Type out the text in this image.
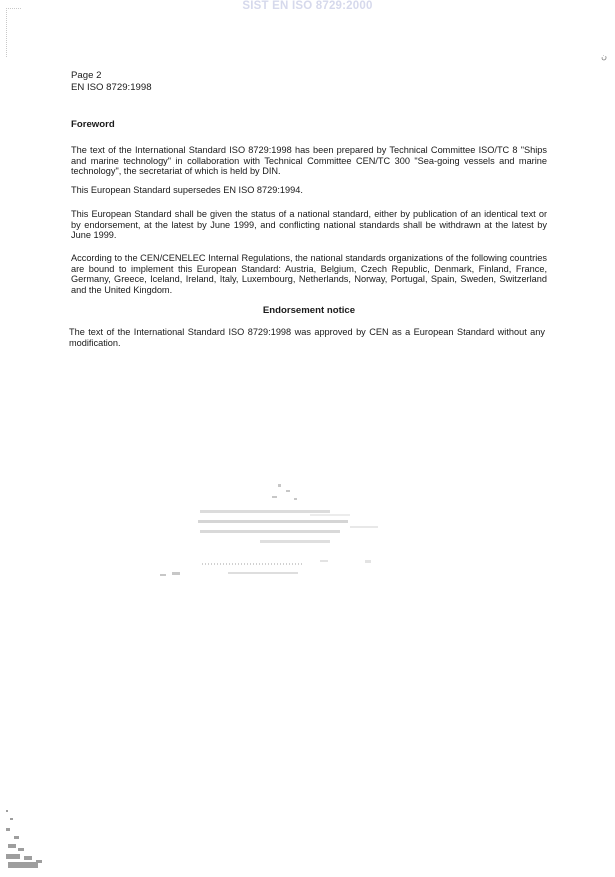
SIST EN ISO 8729:2000
ن
Page 2
EN ISO 8729:1998
Foreword

The text of the International Standard ISO 8729:1998 has been prepared by Technical Committee ISO/TC 8 "Ships and marine technology" in collaboration with Technical Committee CEN/TC 300 "Sea-going vessels and marine technology", the secretariat of which is held by DIN.

This European Standard supersedes EN ISO 8729:1994.

This European Standard shall be given the status of a national standard, either by publication of an identical text or by endorsement, at the latest by June 1999, and conflicting national standards shall be withdrawn at the latest by June 1999.

According to the CEN/CENELEC Internal Regulations, the national standards organizations of the following countries are bound to implement this European Standard: Austria, Belgium, Czech Republic, Denmark, Finland, France, Germany, Greece, Iceland, Ireland, Italy, Luxembourg, Netherlands, Norway, Portugal, Spain, Sweden, Switzerland and the United Kingdom.

Endorsement notice

The text of the International Standard ISO 8729:1998 was approved by CEN as a European Standard without any modification.
